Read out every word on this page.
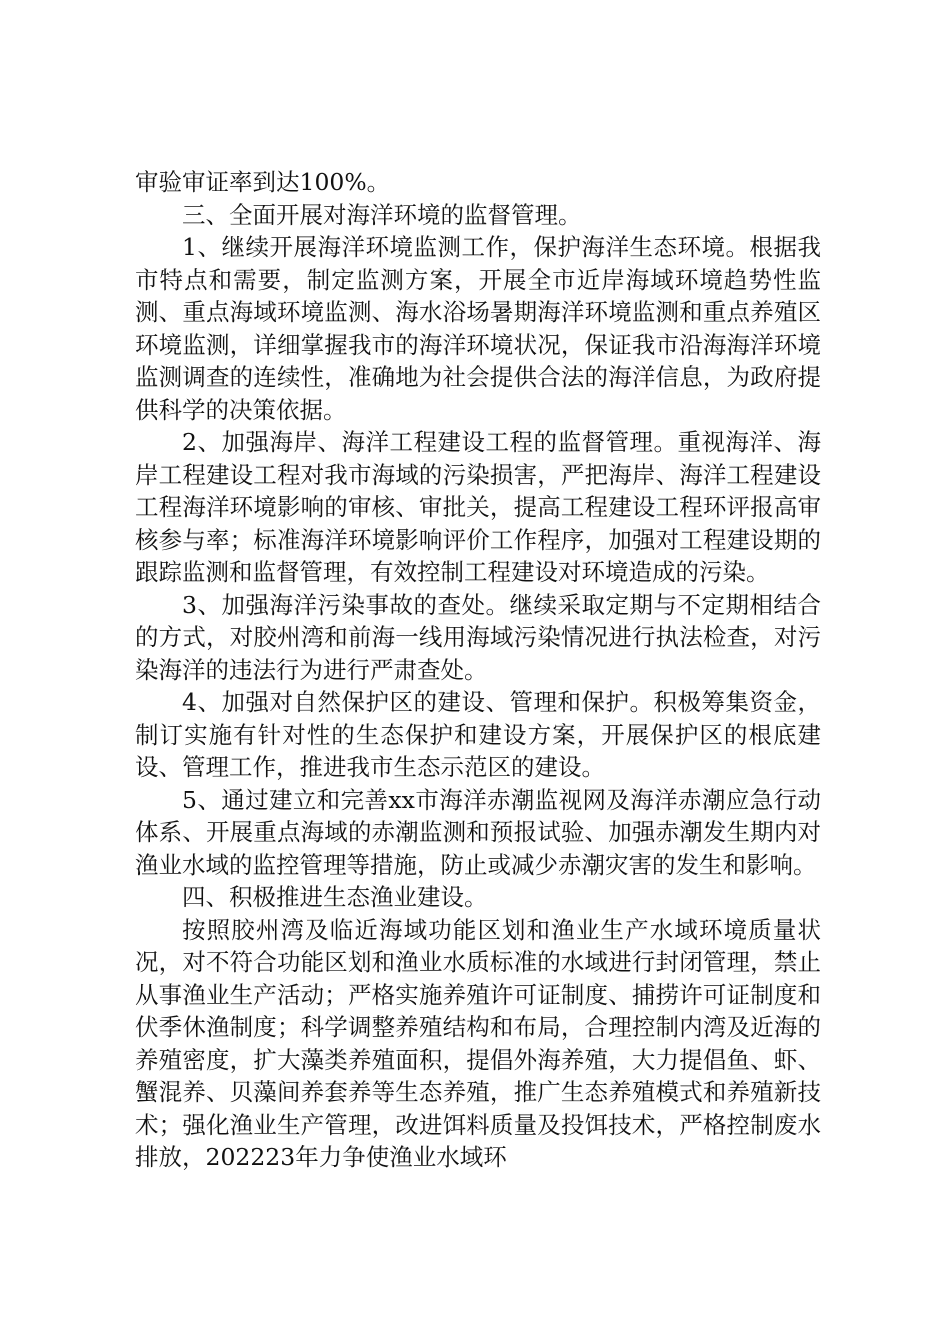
审验审证率到达100%。

三、全面开展对海洋环境的监督管理。

1、继续开展海洋环境监测工作，保护海洋生态环境。根据我市特点和需要，制定监测方案，开展全市近岸海域环境趋势性监测、重点海域环境监测、海水浴场暑期海洋环境监测和重点养殖区环境监测，详细掌握我市的海洋环境状况，保证我市沿海海洋环境监测调查的连续性，准确地为社会提供合法的海洋信息，为政府提供科学的决策依据。

2、加强海岸、海洋工程建设工程的监督管理。重视海洋、海岸工程建设工程对我市海域的污染损害，严把海岸、海洋工程建设工程海洋环境影响的审核、审批关，提高工程建设工程环评报高审核参与率；标准海洋环境影响评价工作程序，加强对工程建设期的跟踪监测和监督管理，有效控制工程建设对环境造成的污染。

3、加强海洋污染事故的查处。继续采取定期与不定期相结合的方式，对胶州湾和前海一线用海域污染情况进行执法检查，对污染海洋的违法行为进行严肃查处。

4、加强对自然保护区的建设、管理和保护。积极筹集资金，制订实施有针对性的生态保护和建设方案，开展保护区的根底建设、管理工作，推进我市生态示范区的建设。

5、通过建立和完善xx市海洋赤潮监视网及海洋赤潮应急行动体系、开展重点海域的赤潮监测和预报试验、加强赤潮发生期内对渔业水域的监控管理等措施，防止或减少赤潮灾害的发生和影响。

四、积极推进生态渔业建设。

按照胶州湾及临近海域功能区划和渔业生产水域环境质量状况，对不符合功能区划和渔业水质标准的水域进行封闭管理，禁止从事渔业生产活动；严格实施养殖许可证制度、捕捞许可证制度和伏季休渔制度；科学调整养殖结构和布局，合理控制内湾及近海的养殖密度，扩大藻类养殖面积，提倡外海养殖，大力提倡鱼、虾、蟹混养、贝藻间养套养等生态养殖，推广生态养殖模式和养殖新技术；强化渔业生产管理，改进饵料质量及投饵技术，严格控制废水排放，202223年力争使渔业水域环
